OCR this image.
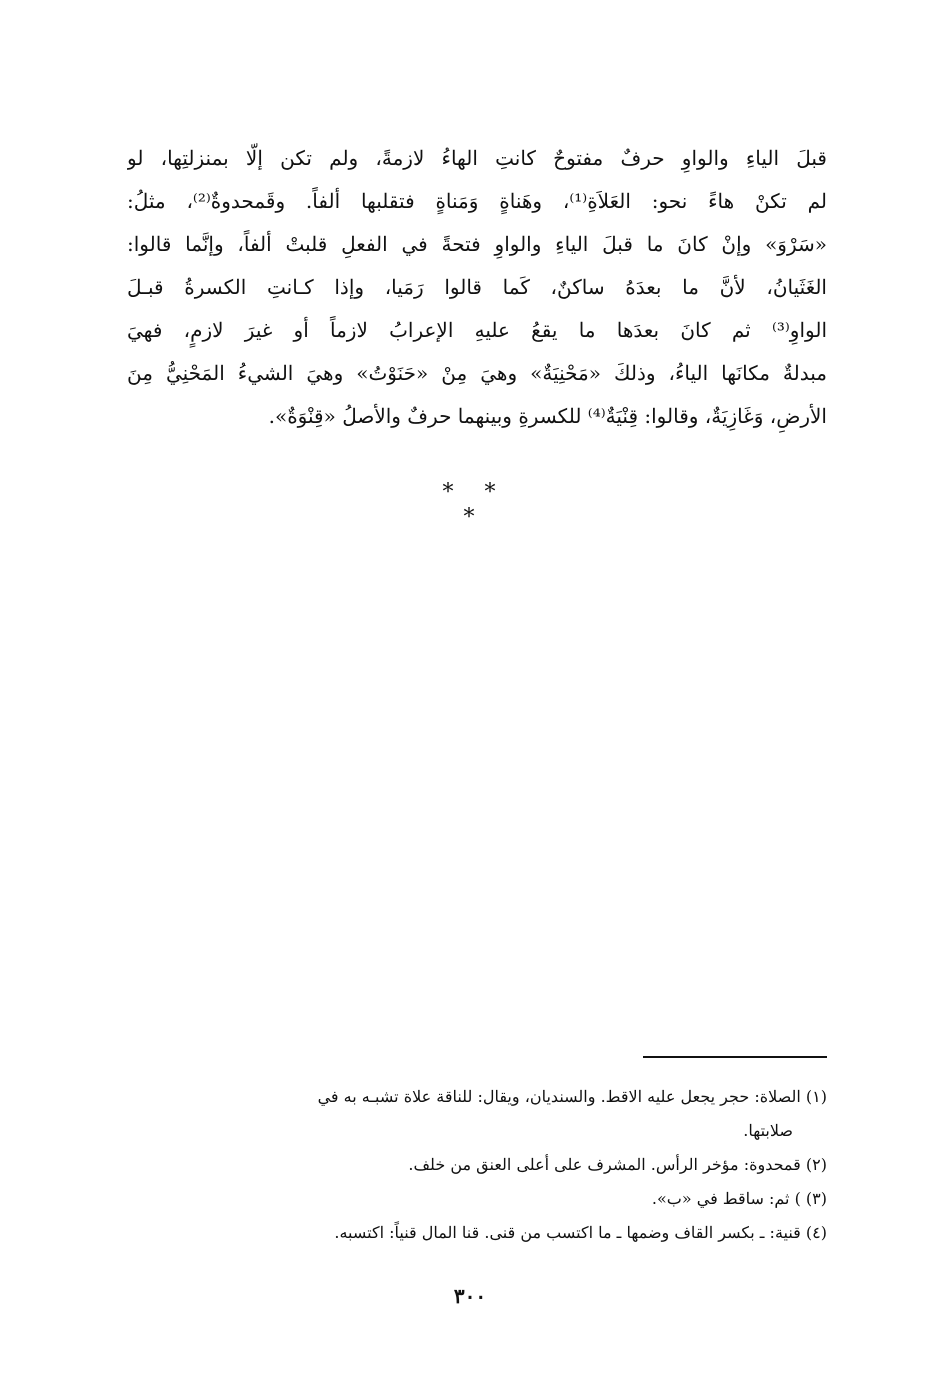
قبلَ الياءِ والواوِ حرفٌ مفتوحٌ كانتِ الهاءُ لازمةً، ولم تكن إلّا بمنزلتِها، لو
لم تكنْ هاءً نحو: العَلاَةِ⁽¹⁾، وهَناةٍ وَمَناةٍ فتقلبها ألفاً. وقَمحدوةٌ⁽²⁾، مثلُ:
«سَرْوَ» وإنْ كانَ ما قبلَ الياءِ والواوِ فتحةً في الفعلِ قلبتْ ألفاً، وإنَّما قالوا:
الغَثَيانُ، لأنَّ ما بعدَهُ ساكنٌ، كَما قالوا رَمَيا، وإذا كـانتِ الكسرةُ قبـلَ
الواوِ⁽³⁾ ثم كانَ بعدَها ما يقعُ عليهِ الإعرابُ لازماً أو غيرَ لازمٍ، فهيَ
مبدلةٌ مكانَها الياءُ، وذلكَ «مَحْنِيَةٌ» وهيَ مِنْ «حَنَوْتُ» وهيَ الشيءُ المَحْنِيُّ مِنَ
الأرضِ، وَغَازِيَةٌ، وقالوا: قِنْيَةٌ⁽⁴⁾ للكسرةِ وبينهما حرفٌ والأصلُ «قِنْوَةٌ».
* * *
(١) الصلاة: حجر يجعل عليه الاقط. والسنديان، ويقال: للناقة علاة تشبـه به في
صلابتها.
(٢) قمحدوة: مؤخر الرأس. المشرف على أعلى العنق من خلف.
(٣) ) ثم: ساقط في «ب».
(٤) قنية: ـ بكسر القاف وضمها ـ ما اكتسب من قنى. قنا المال قنياً: اكتسبه.
٣٠٠
